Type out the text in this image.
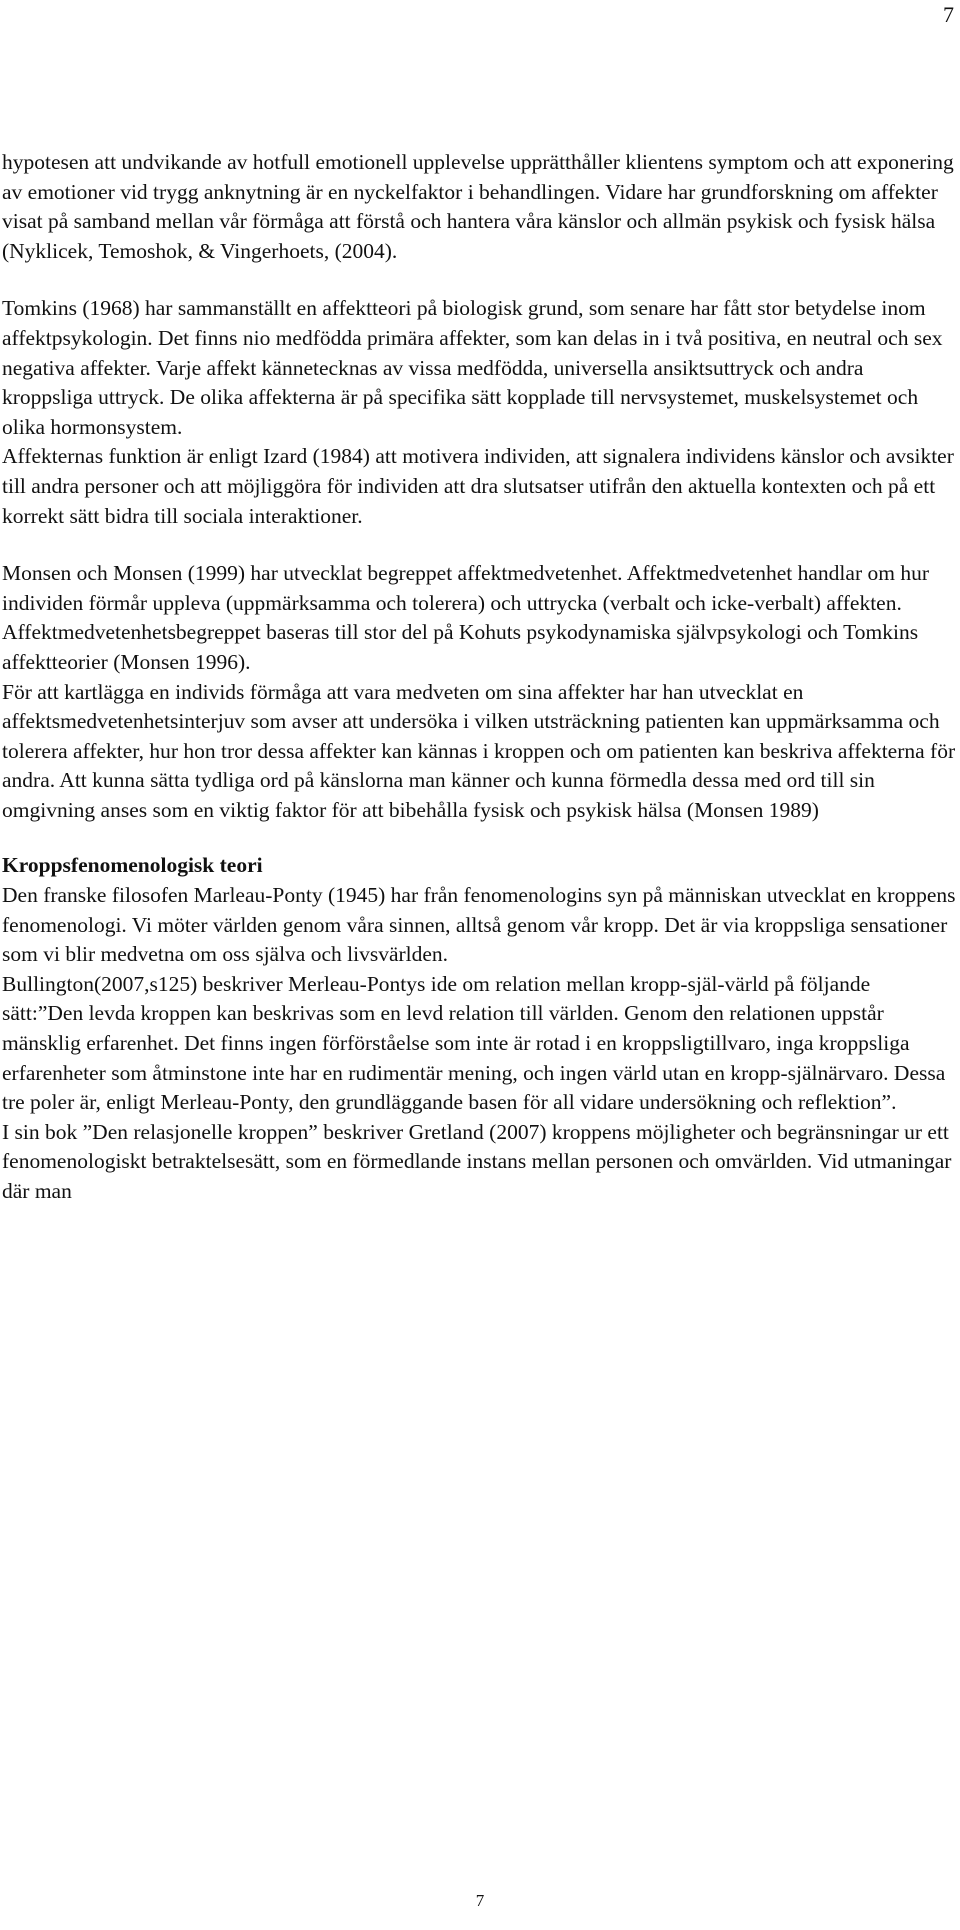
7

hypotesen att undvikande av hotfull emotionell upplevelse upprätthåller klientens symptom och att exponering av emotioner vid trygg anknytning är en nyckelfaktor i behandlingen. Vidare har grundforskning om affekter visat på samband mellan vår förmåga att förstå och hantera våra känslor och allmän psykisk och fysisk hälsa (Nyklicek, Temoshok, & Vingerhoets, (2004).

Tomkins (1968) har sammanställt en affektteori på biologisk grund, som senare har fått stor betydelse inom affektpsykologin. Det finns nio medfödda primära affekter, som kan delas in i två positiva, en neutral och sex negativa affekter. Varje affekt kännetecknas av vissa medfödda, universella ansiktsuttryck och andra kroppsliga uttryck. De olika affekterna är på specifika sätt kopplade till nervsystemet, muskelsystemet och olika hormonsystem.

Affekternas funktion är enligt Izard (1984) att motivera individen, att signalera individens känslor och avsikter till andra personer och att möjliggöra för individen att dra slutsatser utifrån den aktuella kontexten och på ett korrekt sätt bidra till sociala interaktioner.

Monsen och Monsen (1999) har utvecklat begreppet affektmedvetenhet. Affektmedvetenhet handlar om hur individen förmår uppleva (uppmärksamma och tolerera) och uttrycka (verbalt och icke-verbalt) affekten. Affektmedvetenhetsbegreppet baseras till stor del på Kohuts psykodynamiska självpsykologi och Tomkins affektteorier (Monsen 1996).

För att kartlägga en individs förmåga att vara medveten om sina affekter har han utvecklat en affektsmedvetenhetsinterjuv som avser att undersöka i vilken utsträckning patienten kan uppmärksamma och tolerera affekter, hur hon tror dessa affekter kan kännas i kroppen och om patienten kan beskriva affekterna för andra. Att kunna sätta tydliga ord på känslorna man känner och kunna förmedla dessa med ord till sin omgivning anses som en viktig faktor för att bibehålla fysisk och psykisk hälsa (Monsen 1989)

Kroppsfenomenologisk teori

Den franske filosofen Marleau-Ponty (1945) har från fenomenologins syn på människan utvecklat en kroppens fenomenologi. Vi möter världen genom våra sinnen, alltså genom vår kropp. Det är via kroppsliga sensationer som vi blir medvetna om oss själva och livsvärlden.

Bullington(2007,s125) beskriver Merleau-Pontys ide om relation mellan kropp-själ-värld på följande sätt:”Den levda kroppen kan beskrivas som en levd relation till världen. Genom den relationen uppstår mänsklig erfarenhet. Det finns ingen förförståelse som inte är rotad i en kroppsligtillvaro, inga kroppsliga erfarenheter som åtminstone inte har en rudimentär mening, och ingen värld utan en kropp-själnärvaro. Dessa tre poler är, enligt Merleau-Ponty, den grundläggande basen för all vidare undersökning och reflektion”.

I sin bok ”Den relasjonelle kroppen” beskriver Gretland (2007) kroppens möjligheter och begränsningar ur ett fenomenologiskt betraktelsesätt, som en förmedlande instans mellan personen och omvärlden. Vid utmaningar där man

7
